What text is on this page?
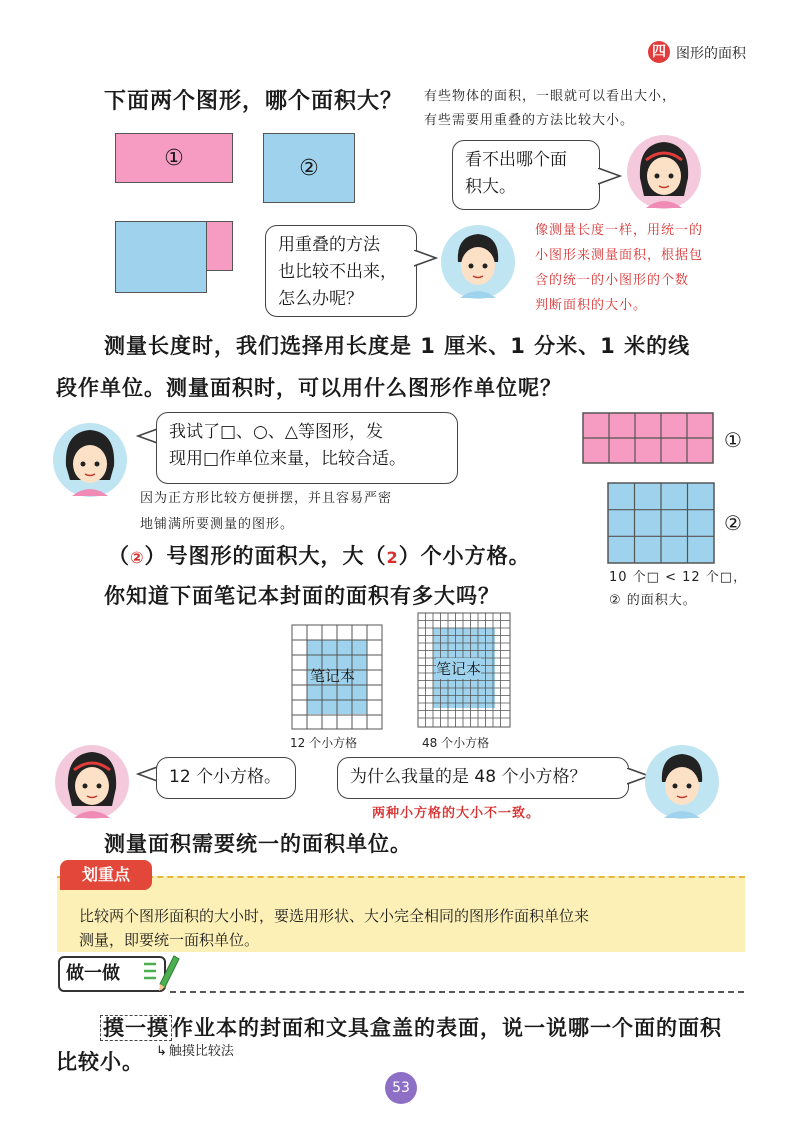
四 图形的面积
下面两个图形，哪个面积大？ 有些物体的面积，一眼就可以看出大小，
有些需要用重叠的方法比较大小。
①	②	看不出哪个面
积大。
用重叠的方法
也比较不出来，
怎么办呢？
像测量长度一样，用统一的
小图形来测量面积，根据包
含的统一的小图形的个数
判断面积的大小。
测量长度时，我们选择用长度是 1 厘米、1 分米、1 米的线
段作单位。测量面积时，可以用什么图形作单位呢？
我试了□、○、△等图形，发
现用□作单位来量，比较合适。
因为正方形比较方便拼摆，并且容易严密
地铺满所要测量的图形。
①
②
10 个□ < 12 个□，
② 的面积大。
（②）号图形的面积大，大（2）个小方格。
你知道下面笔记本封面的面积有多大吗？
笔记本
12 个小方格
笔记本
48 个小方格
12 个小方格。	为什么我量的是 48 个小方格？
两种小方格的大小不一致。
测量面积需要统一的面积单位。
比较两个图形面积的大小时，要选用形状、大小完全相同的图形作面积单位来
测量，即要统一面积单位。
划重点
做一做
摸一摸 作业本的封面和文具盒盖的表面，说一说哪一个面的面积
比较小。 ↳ 触摸比较法
53
